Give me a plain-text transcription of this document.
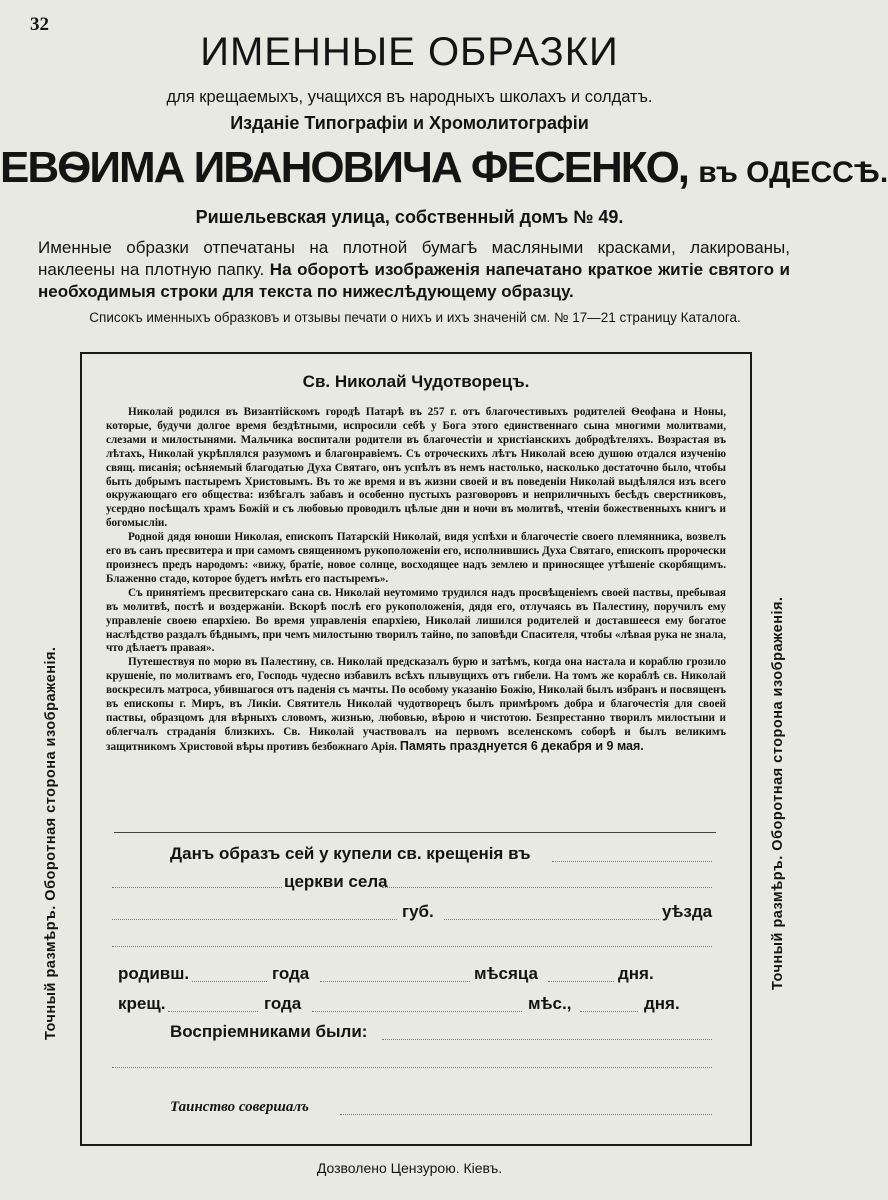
32
ИМЕННЫЕ ОБРАЗКИ
для крещаемыхъ, учащихся въ народныхъ школахъ и солдатъ.
Изданіе Типографіи и Хромолитографіи
ЕВѲИМА ИВАНОВИЧА ФЕСЕНКО, въ ОДЕССѢ.
Ришельевская улица, собственный домъ № 49.
Именные образки отпечатаны на плотной бумагѣ масляными красками, лакированы, наклеены на плотную папку. На оборотѣ изображенія напечатано краткое житіе святого и необходимыя строки для текста по нижеслѣдующему образцу.
Списокъ именныхъ образковъ и отзывы печати о нихъ и ихъ значеній см. № 17—21 страницу Каталога.
Точный размѣръ. Оборотная сторона изображенія.	Точный размѣръ. Оборотная сторона изображенія.
Св. Николай Чудотворецъ.

Николай родился въ Византійскомъ городѣ Патарѣ въ 257 г. отъ благочестивыхъ родителей Ѳеофана и Ноны, которые, будучи долгое время бездѣтными, испросили себѣ у Бога этого единственнаго сына многими молитвами, слезами и милостынями. Мальчика воспитали родители въ благочестіи и христіанскихъ добродѣтеляхъ. Возрастая въ лѣтахъ, Николай укрѣплялся разумомъ и благонравіемъ. Съ отроческихъ лѣтъ Николай всею душою отдался изученію свящ. писанія; осѣняемый благодатью Духа Святаго, онъ успѣлъ въ немъ настолько, насколько достаточно было, чтобы быть добрымъ пастыремъ Христовымъ. Въ то же время и въ жизни своей и въ поведеніи Николай выдѣлялся изъ всего окружающаго его общества: избѣгалъ забавъ и особенно пустыхъ разговоровъ и неприличныхъ бесѣдъ сверстниковъ, усердно посѣщалъ храмъ Божій и съ любовью проводилъ цѣлые дни и ночи въ молитвѣ, чтеніи божественныхъ книгъ и богомысліи.

Родной дядя юноши Николая, епископъ Патарскій Николай, видя успѣхи и благочестіе своего племянника, возвелъ его въ санъ пресвитера и при самомъ священномъ рукоположеніи его, исполнившись Духа Святаго, епископъ пророчески произнесъ предъ народомъ: «вижу, братіе, новое солнце, восходящее надъ землею и приносящее утѣшеніе скорбящимъ. Блаженно стадо, которое будетъ имѣть его пастыремъ».

Съ принятіемъ пресвитерскаго сана св. Николай неутомимо трудился надъ просвѣщеніемъ своей паствы, пребывая въ молитвѣ, постѣ и воздержаніи. Вскорѣ послѣ его рукоположенія, дядя его, отлучаясь въ Палестину, поручилъ ему управленіе своею епархіею. Во время управленія епархіею, Николай лишился родителей и доставшееся ему богатое наслѣдство раздалъ бѣднымъ, при чемъ милостыню творилъ тайно, по заповѣди Спасителя, чтобы «лѣвая рука не знала, что дѣлаетъ правая».

Путешествуя по морю въ Палестину, св. Николай предсказалъ бурю и затѣмъ, когда она настала и кораблю грозило крушеніе, по молитвамъ его, Господь чудесно избавилъ всѣхъ плывущихъ отъ гибели. На томъ же кораблѣ св. Николай воскресилъ матроса, убившагося отъ паденія съ мачты. По особому указанію Божію, Николай былъ избранъ и посвященъ въ епископы г. Миръ, въ Ликіи. Святитель Николай чудотворецъ былъ примѣромъ добра и благочестія для своей паствы, образцомъ для вѣрныхъ словомъ, жизнью, любовью, вѣрою и чистотою. Безпрестанно творилъ милостыни и облегчалъ страданія близкихъ. Св. Николай участвовалъ на первомъ вселенскомъ соборѣ и былъ великимъ защитникомъ Христовой вѣры противъ безбожнаго Арія. Память празднуется 6 декабря и 9 мая.

Данъ образъ сей у купели св. крещенія въ
церкви села
губ.	уѣзда
родивш.	года	мѣсяца	дня.
крещ.	года	мѣс.,	дня.
Воспріемниками были:
Таинство совершалъ
Дозволено Цензурою. Кіевъ.
